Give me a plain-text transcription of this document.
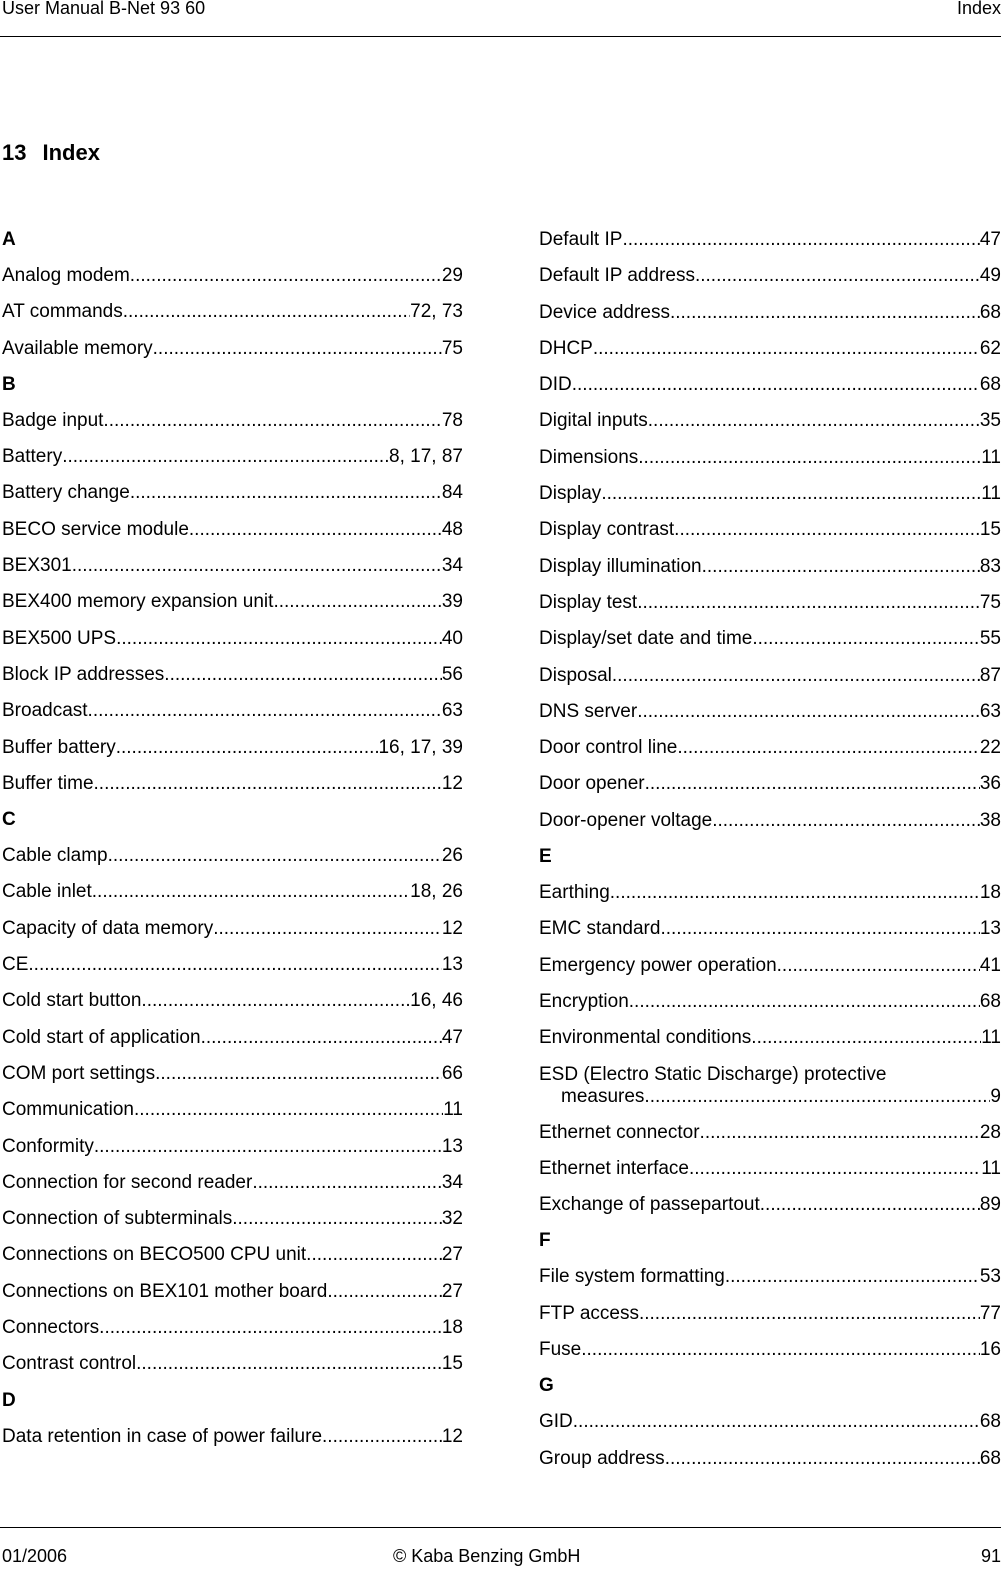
User Manual B-Net 93 60	Index
13 Index
A
Analog modem .....	29
AT commands .....	72, 73
Available memory .....	75
B
Badge input .....	78
Battery .....	8, 17, 87
Battery change .....	84
BECO service module .....	48
BEX301 .....	34
BEX400 memory expansion unit .....	39
BEX500 UPS .....	40
Block IP addresses .....	56
Broadcast .....	63
Buffer battery .....	16, 17, 39
Buffer time .....	12
C
Cable clamp .....	26
Cable inlet .....	18, 26
Capacity of data memory .....	12
CE .....	13
Cold start button .....	16, 46
Cold start of application .....	47
COM port settings .....	66
Communication .....	11
Conformity .....	13
Connection for second reader .....	34
Connection of subterminals .....	32
Connections on BECO500 CPU unit .....	27
Connections on BEX101 mother board .....	27
Connectors .....	18
Contrast control .....	15
D
Data retention in case of power failure .....	12
Default IP .....	47
Default IP address .....	49
Device address .....	68
DHCP .....	62
DID .....	68
Digital inputs .....	35
Dimensions .....	11
Display .....	11
Display contrast .....	15
Display illumination .....	83
Display test .....	75
Display/set date and time .....	55
Disposal .....	87
DNS server .....	63
Door control line .....	22
Door opener .....	36
Door-opener voltage .....	38
E
Earthing .....	18
EMC standard .....	13
Emergency power operation .....	41
Encryption .....	68
Environmental conditions .....	11
ESD (Electro Static Discharge) protective
measures .....	9
Ethernet connector .....	28
Ethernet interface .....	11
Exchange of passepartout .....	89
F
File system formatting .....	53
FTP access .....	77
Fuse .....	16
G
GID .....	68
Group address .....	68
01/2006	© Kaba Benzing GmbH	91
